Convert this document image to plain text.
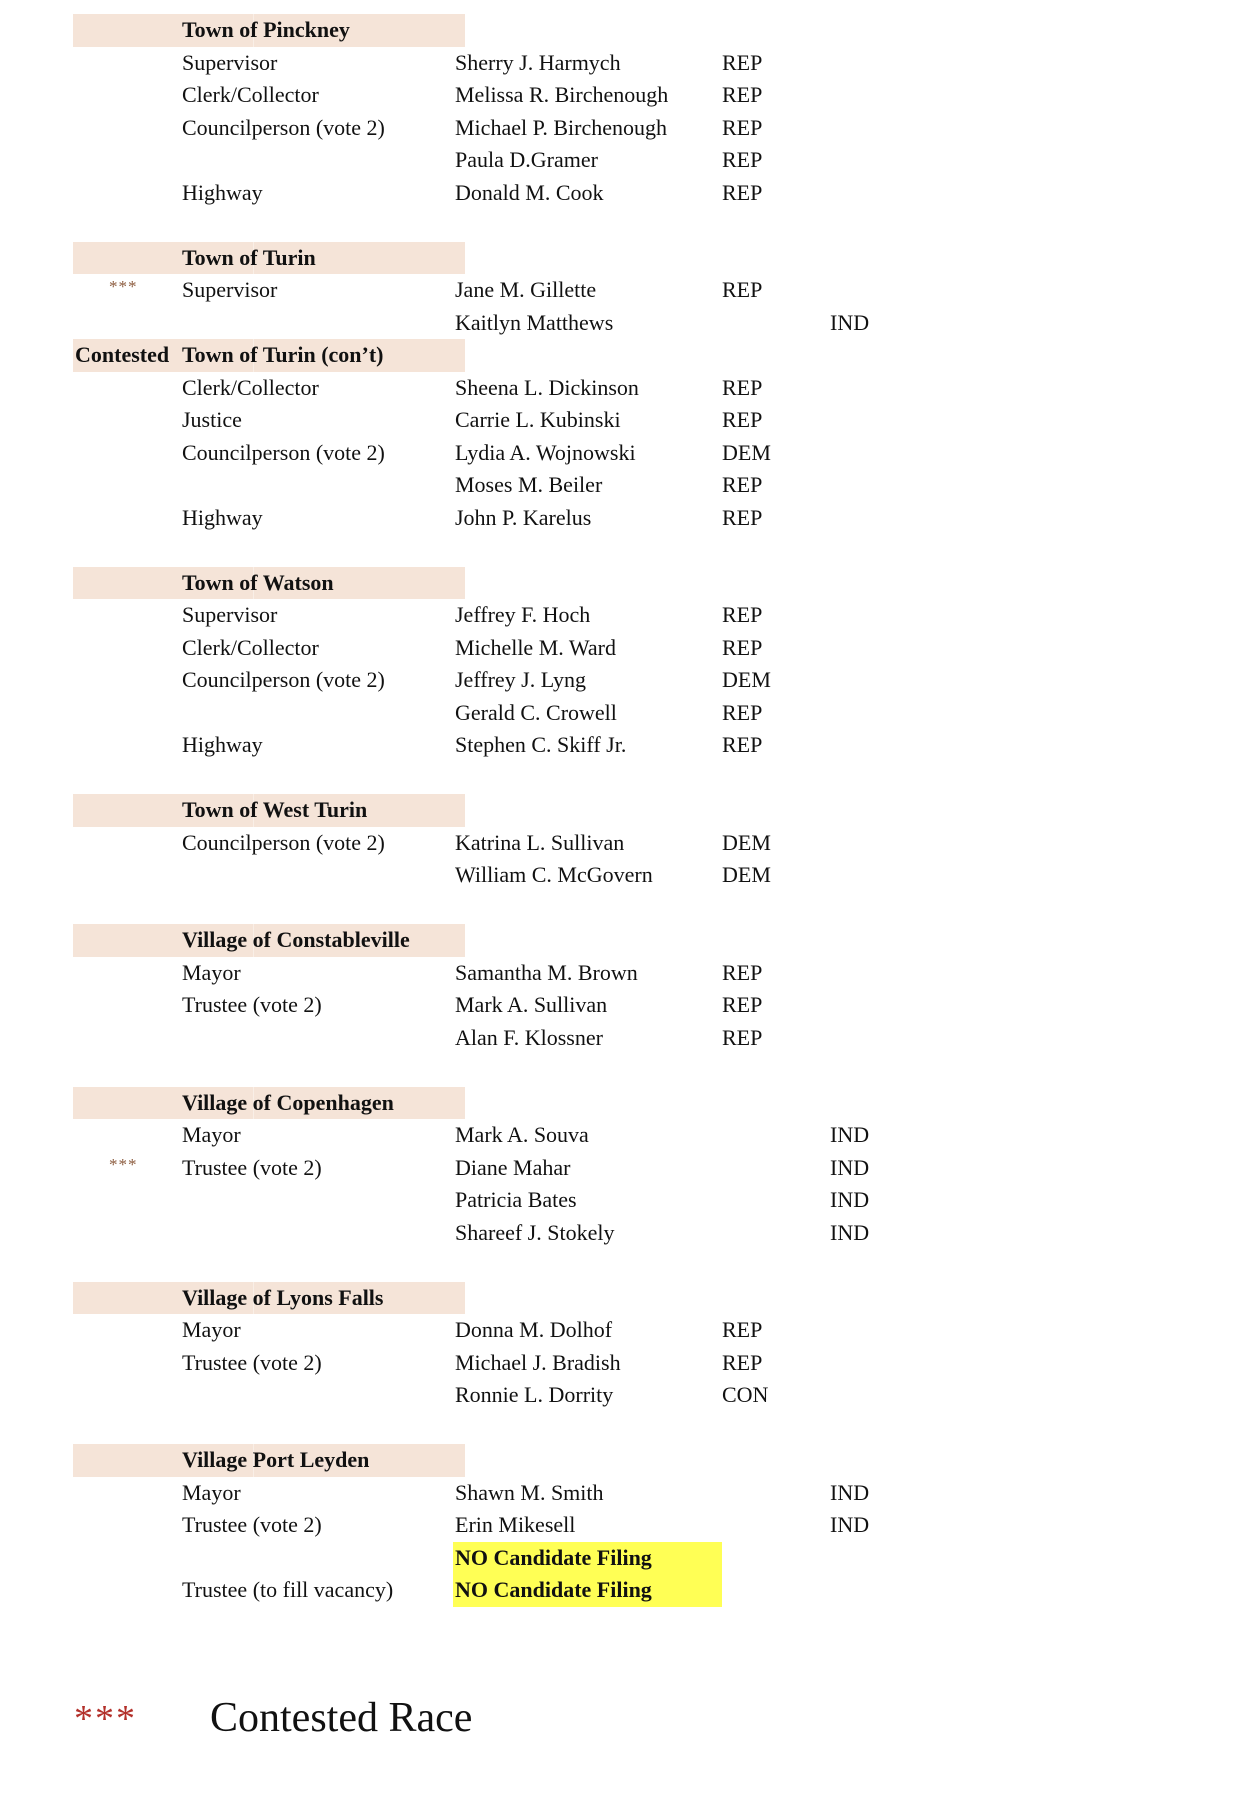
Town of Pinckney
Supervisor	Sherry J. Harmych	REP
Clerk/Collector	Melissa R. Birchenough REP
Councilperson (vote 2)	Michael P. Birchenough REP
Paula D.Gramer	REP
Highway	Donald M. Cook	REP
Town of Turin
*** Supervisor	Jane M. Gillette	REP
Kaitlyn Matthews	IND
Contested Town of Turin (con’t)
Clerk/Collector	Sheena L. Dickinson	REP
Justice	Carrie L. Kubinski	REP
Councilperson (vote 2)	Lydia A. Wojnowski	DEM
Moses M. Beiler	REP
Highway	John P. Karelus	REP
Town of Watson
Supervisor	Jeffrey F. Hoch	REP
Clerk/Collector	Michelle M. Ward	REP
Councilperson (vote 2)	Jeffrey J. Lyng	DEM
Gerald C. Crowell	REP
Highway	Stephen C. Skiff Jr.	REP
Town of West Turin
Councilperson (vote 2)	Katrina L. Sullivan	DEM
William C. McGovern	DEM
Village of Constableville
Mayor	Samantha M. Brown	REP
Trustee (vote 2)	Mark A. Sullivan	REP
Alan F. Klossner	REP
Village of Copenhagen
Mayor	Mark A. Souva	IND
*** Trustee (vote 2)	Diane Mahar	IND
Patricia Bates	IND
Shareef J. Stokely	IND
Village of Lyons Falls
Mayor	Donna M. Dolhof	REP
Trustee (vote 2)	Michael J. Bradish	REP
Ronnie L. Dorrity	CON
Village Port Leyden
Mayor	Shawn M. Smith	IND
Trustee (vote 2)	Erin Mikesell	IND
NO Candidate Filing
Trustee (to fill vacancy)	NO Candidate Filing
*** Contested Race
